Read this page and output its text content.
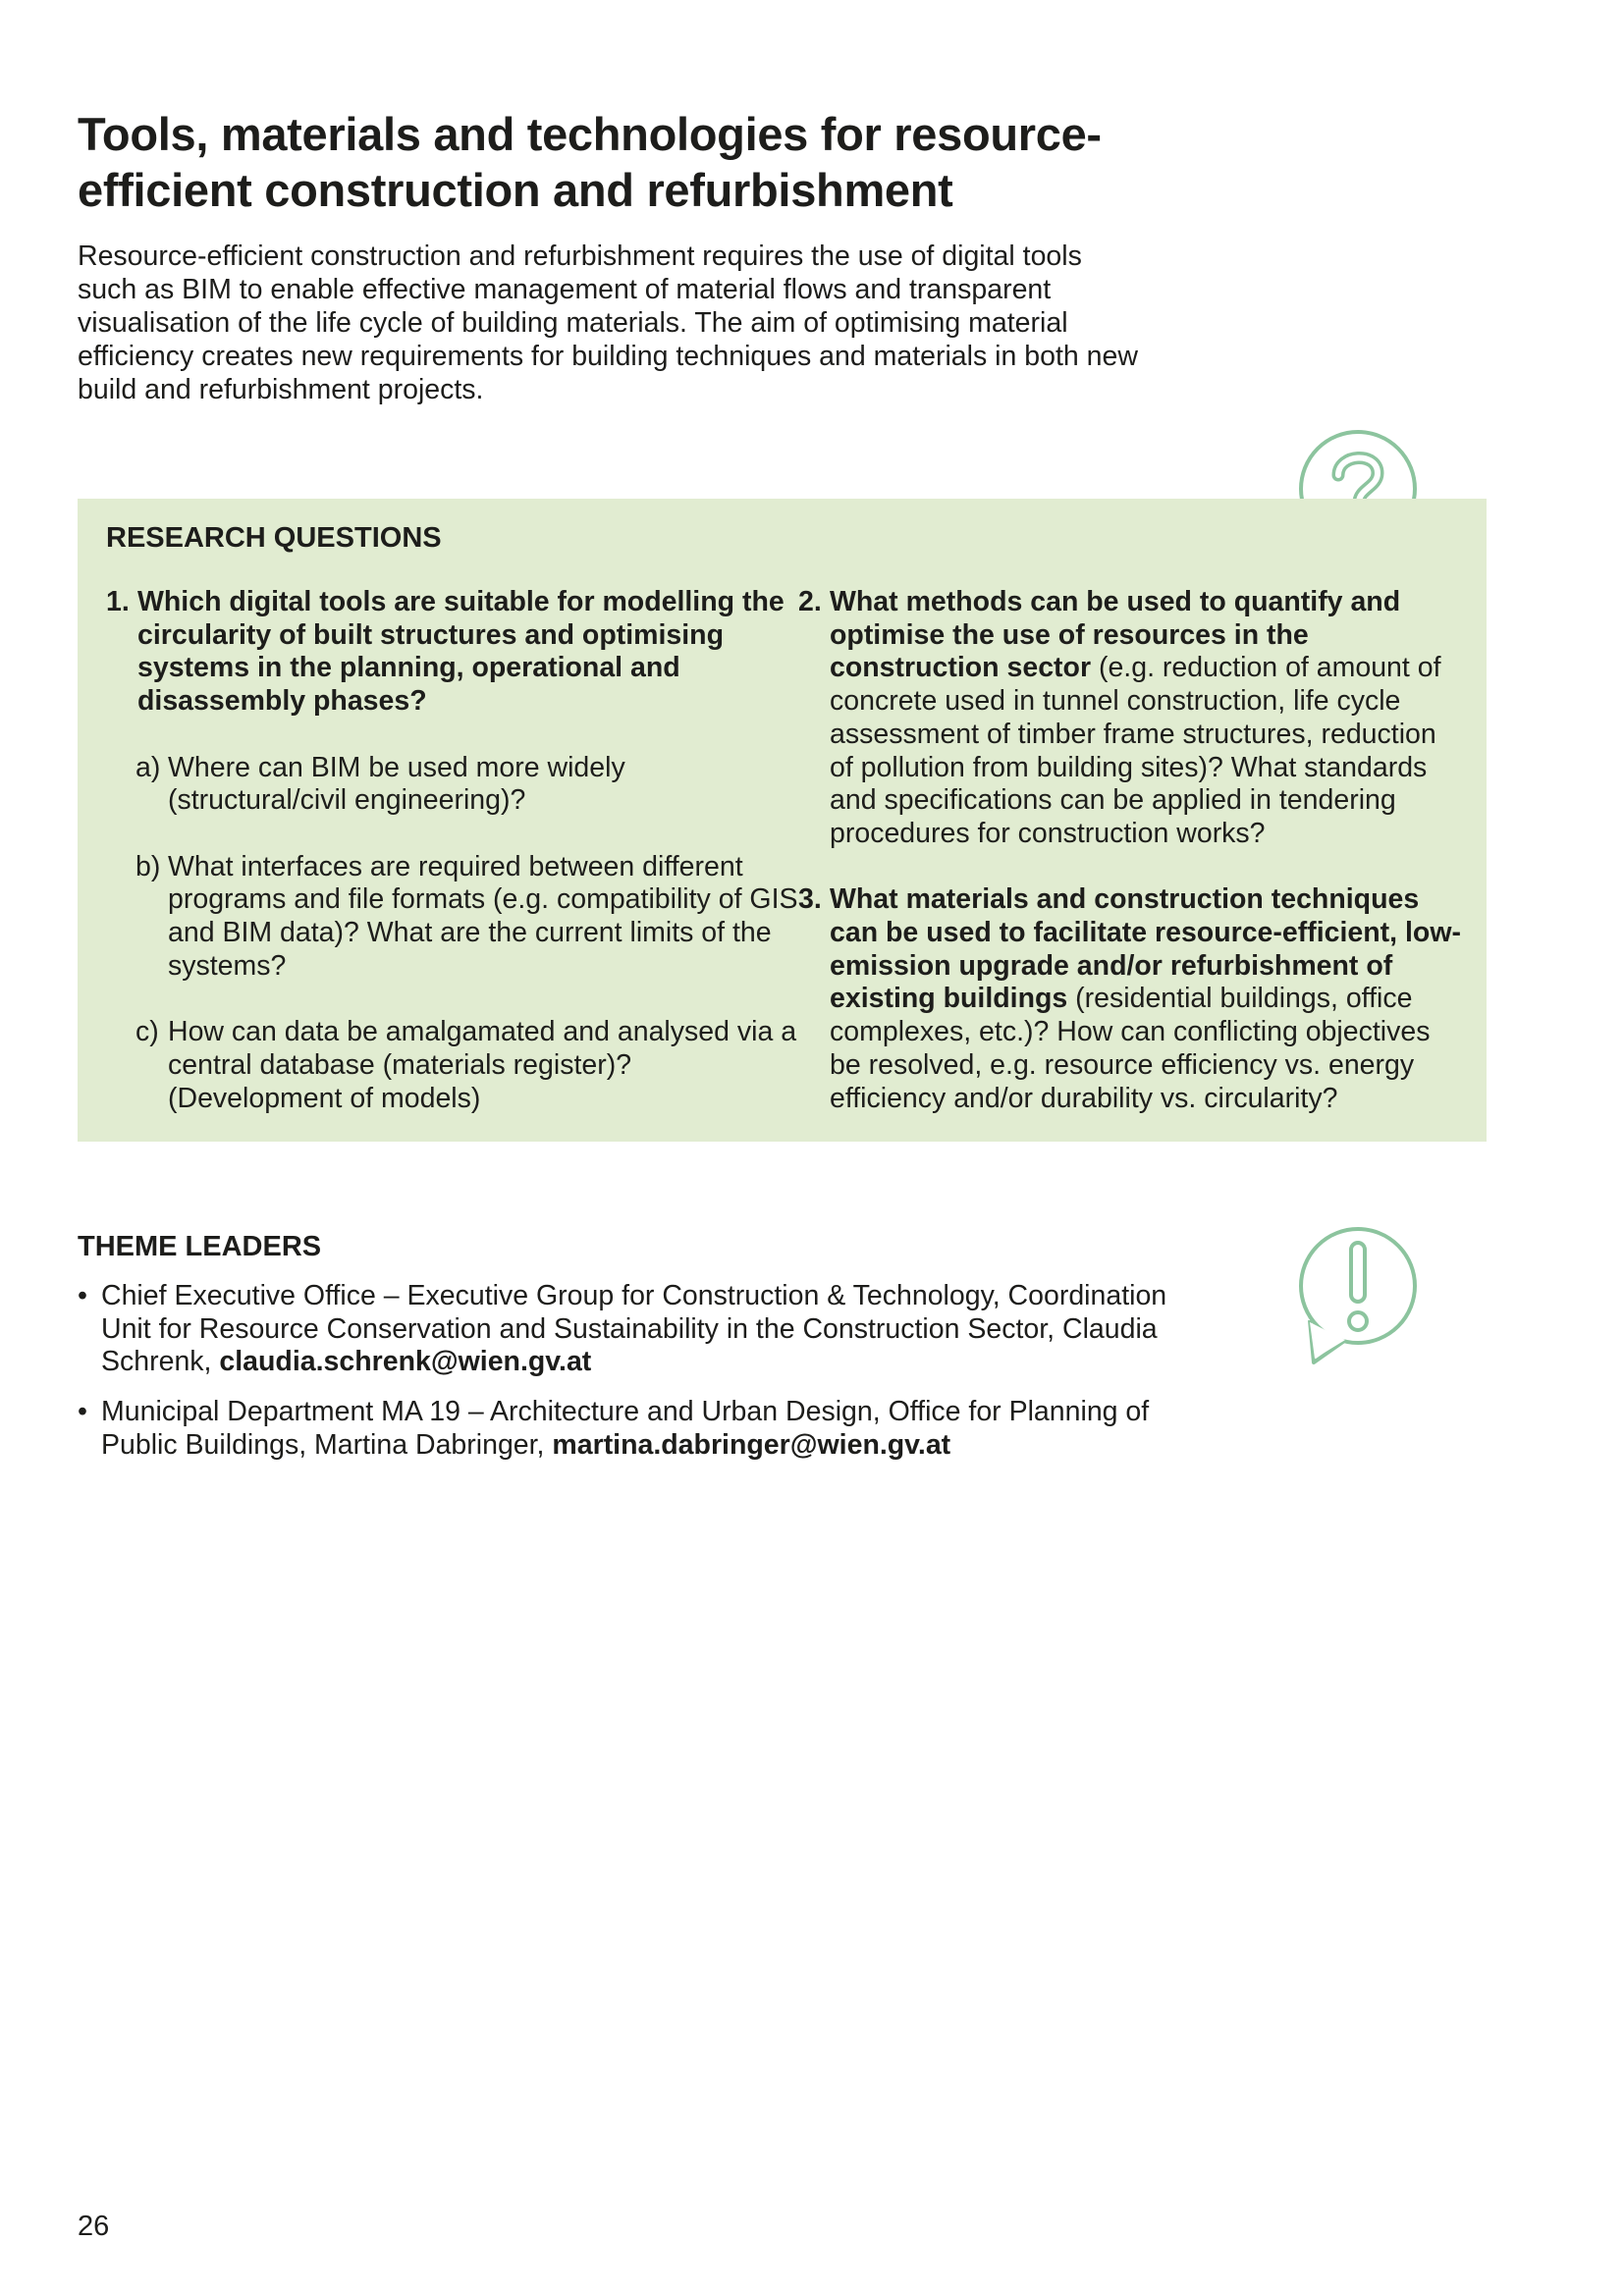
Tools, materials and technologies for resource-efficient construction and refurbishment

Resource-efficient construction and refurbishment requires the use of digital tools such as BIM to enable effective management of material flows and transparent visualisation of the life cycle of building materials. The aim of optimising material efficiency creates new requirements for building techniques and materials in both new build and refurbishment projects.

RESEARCH QUESTIONS
1. Which digital tools are suitable for modelling the circularity of built structures and optimising systems in the planning, operational and disassembly phases?
a) Where can BIM be used more widely (structural/civil engineering)?
b) What interfaces are required between different programs and file formats (e.g. compatibility of GIS and BIM data)? What are the current limits of the systems?
c) How can data be amalgamated and analysed via a central database (materials register)? (Development of models)
2. What methods can be used to quantify and optimise the use of resources in the construction sector (e.g. reduction of amount of concrete used in tunnel construction, life cycle assessment of timber frame structures, reduction of pollution from building sites)? What standards and specifications can be applied in tendering procedures for construction works?
3. What materials and construction techniques can be used to facilitate resource-efficient, low-emission upgrade and/or refurbishment of existing buildings (residential buildings, office complexes, etc.)? How can conflicting objectives be resolved, e.g. resource efficiency vs. energy efficiency and/or durability vs. circularity?
THEME LEADERS
• Chief Executive Office – Executive Group for Construction & Technology, Coordination Unit for Resource Conservation and Sustainability in the Construction Sector, Claudia Schrenk, claudia.schrenk@wien.gv.at
• Municipal Department MA 19 – Architecture and Urban Design, Office for Planning of Public Buildings, Martina Dabringer, martina.dabringer@wien.gv.at

26
